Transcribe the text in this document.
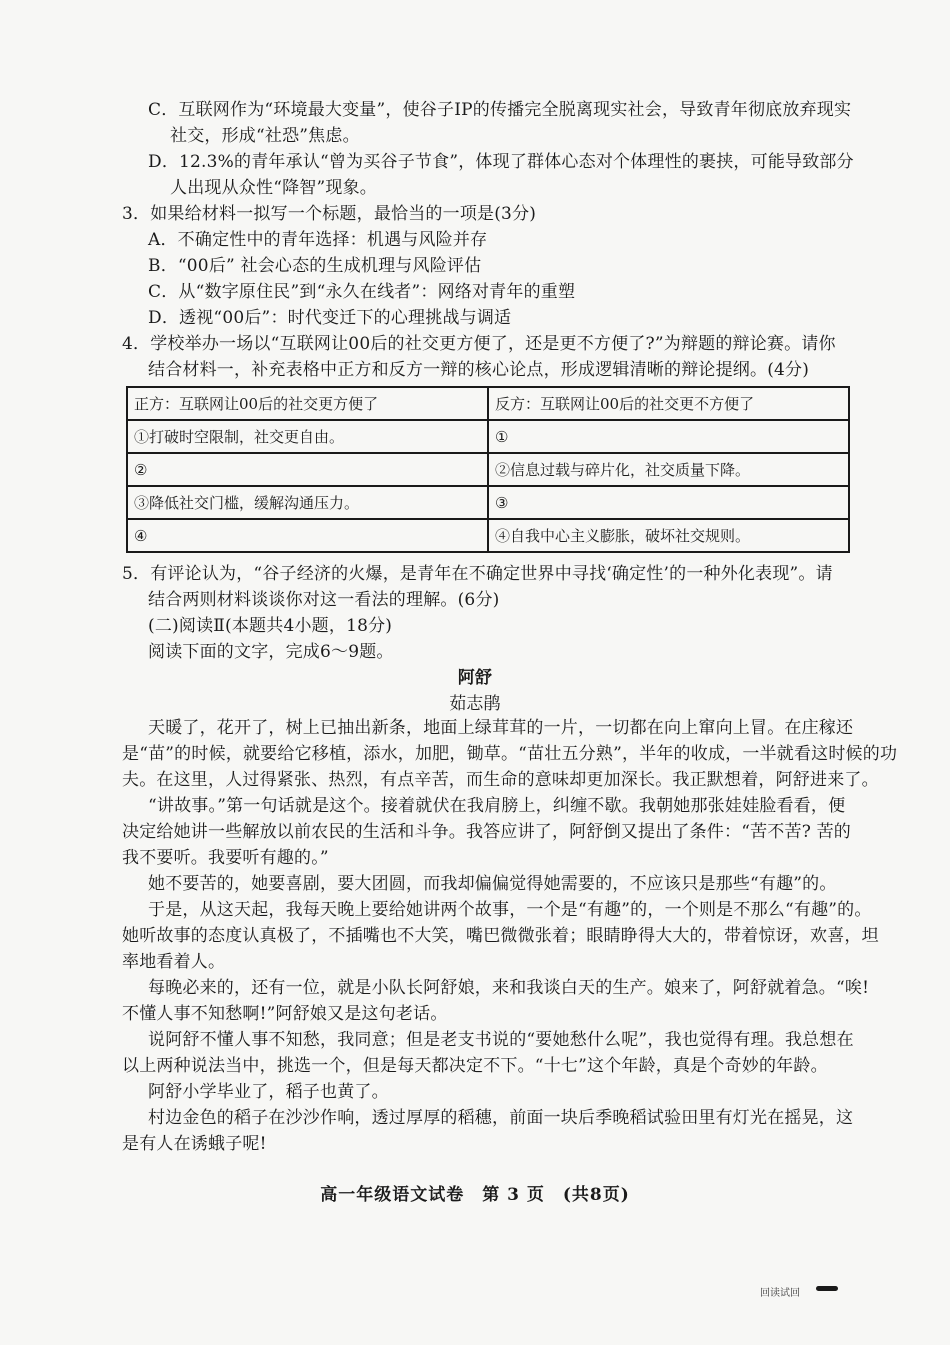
C．互联网作为“环境最大变量”，使谷子IP的传播完全脱离现实社会，导致青年彻底放弃现实
社交，形成“社恐”焦虑。
D．12.3%的青年承认“曾为买谷子节食”，体现了群体心态对个体理性的裹挟，可能导致部分
人出现从众性“降智”现象。
3．如果给材料一拟写一个标题，最恰当的一项是(3分)
A．不确定性中的青年选择：机遇与风险并存
B．“00后” 社会心态的生成机理与风险评估
C．从“数字原住民”到“永久在线者”：网络对青年的重塑
D．透视“00后”：时代变迁下的心理挑战与调适
4．学校举办一场以“互联网让00后的社交更方便了，还是更不方便了?”为辩题的辩论赛。请你
结合材料一，补充表格中正方和反方一辩的核心论点，形成逻辑清晰的辩论提纲。(4分)
正方：互联网让00后的社交更方便了	反方：互联网让00后的社交更不方便了
①打破时空限制，社交更自由。	①
②	②信息过载与碎片化，社交质量下降。
③降低社交门槛，缓解沟通压力。	③
④	④自我中心主义膨胀，破坏社交规则。
5．有评论认为，“谷子经济的火爆，是青年在不确定世界中寻找‘确定性’的一种外化表现”。请
结合两则材料谈谈你对这一看法的理解。(6分)
(二)阅读Ⅱ(本题共4小题，18分)
阅读下面的文字，完成6～9题。
阿舒
茹志鹃
天暖了，花开了，树上已抽出新条，地面上绿茸茸的一片，一切都在向上窜向上冒。在庄稼还
是“苗”的时候，就要给它移植，添水，加肥，锄草。“苗壮五分熟”，半年的收成，一半就看这时候的功
夫。在这里，人过得紧张、热烈，有点辛苦，而生命的意味却更加深长。我正默想着，阿舒进来了。
“讲故事。”第一句话就是这个。接着就伏在我肩膀上，纠缠不歇。我朝她那张娃娃脸看看，便
决定给她讲一些解放以前农民的生活和斗争。我答应讲了，阿舒倒又提出了条件：“苦不苦? 苦的
我不要听。我要听有趣的。”
她不要苦的，她要喜剧，要大团圆，而我却偏偏觉得她需要的，不应该只是那些“有趣”的。
于是，从这天起，我每天晚上要给她讲两个故事，一个是“有趣”的，一个则是不那么“有趣”的。
她听故事的态度认真极了，不插嘴也不大笑，嘴巴微微张着；眼睛睁得大大的，带着惊讶，欢喜，坦
率地看着人。
每晚必来的，还有一位，就是小队长阿舒娘，来和我谈白天的生产。娘来了，阿舒就着急。“唉!
不懂人事不知愁啊!”阿舒娘又是这句老话。
说阿舒不懂人事不知愁，我同意；但是老支书说的“要她愁什么呢”，我也觉得有理。我总想在
以上两种说法当中，挑选一个，但是每天都决定不下。“十七”这个年龄，真是个奇妙的年龄。
阿舒小学毕业了，稻子也黄了。
村边金色的稻子在沙沙作响，透过厚厚的稻穗，前面一块后季晚稻试验田里有灯光在摇晃，这
是有人在诱蛾子呢!
高一年级语文试卷　第 3 页　(共8页)
回读试回
